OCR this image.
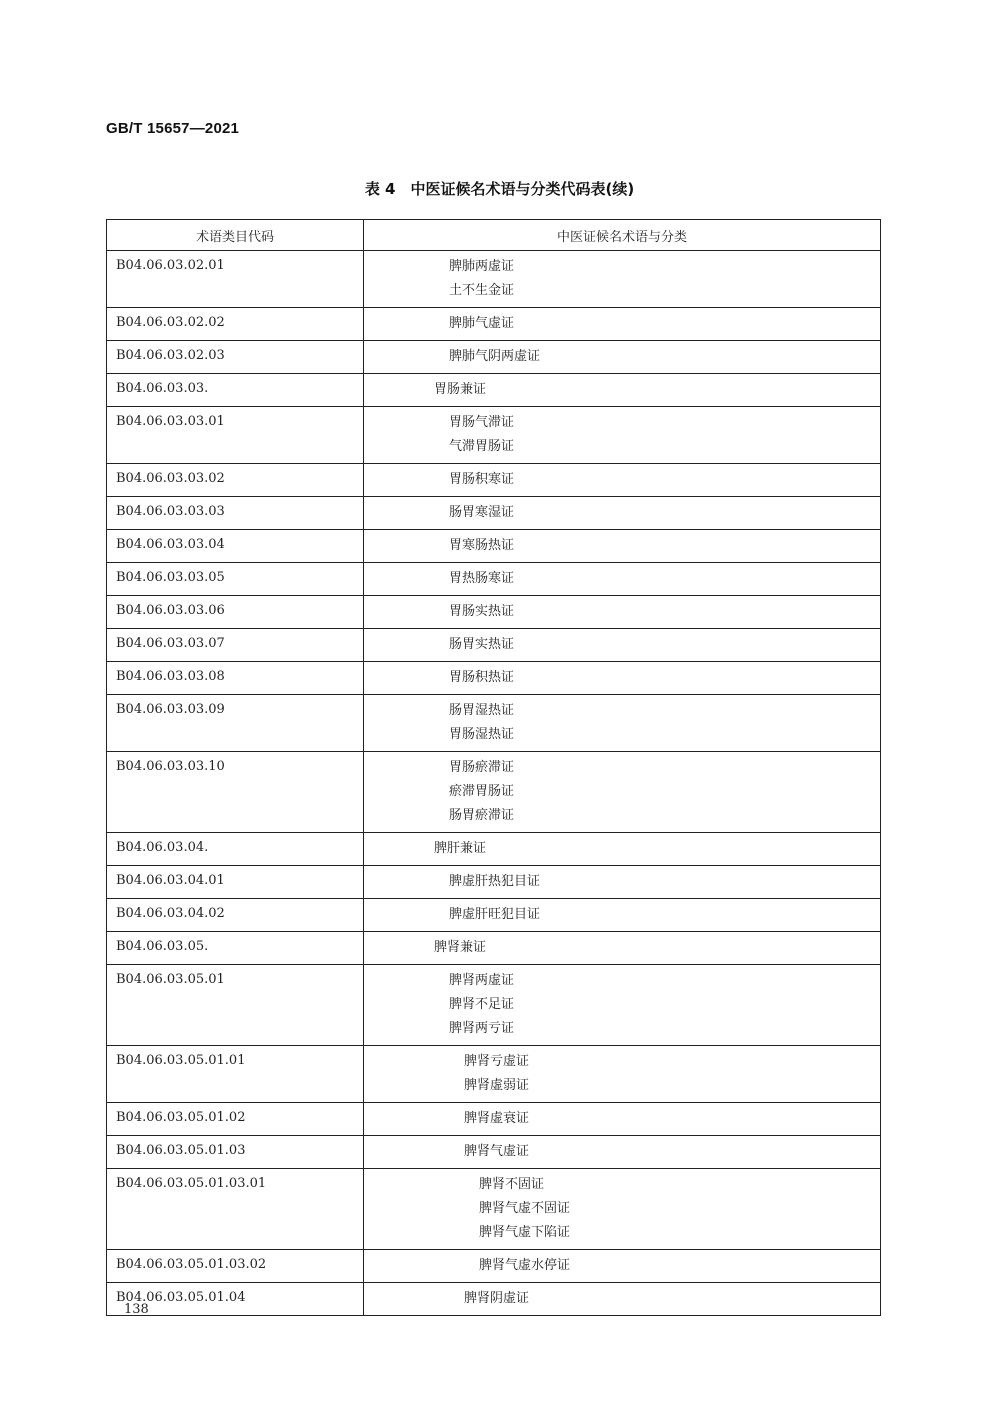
GB/T 15657—2021
表 4　中医证候名术语与分类代码表(续)
术语类目代码	中医证候名术语与分类
B04.06.03.02.01	脾肺两虚证
土不生金证

B04.06.03.02.02	脾肺气虚证

B04.06.03.02.03	脾肺气阴两虚证

B04.06.03.03.	胃肠兼证

B04.06.03.03.01	胃肠气滞证
气滞胃肠证

B04.06.03.03.02	胃肠积寒证

B04.06.03.03.03	肠胃寒湿证

B04.06.03.03.04	胃寒肠热证

B04.06.03.03.05	胃热肠寒证

B04.06.03.03.06	胃肠实热证

B04.06.03.03.07	肠胃实热证

B04.06.03.03.08	胃肠积热证

B04.06.03.03.09	肠胃湿热证
胃肠湿热证

B04.06.03.03.10	胃肠瘀滞证
瘀滞胃肠证
肠胃瘀滞证

B04.06.03.04.	脾肝兼证

B04.06.03.04.01	脾虚肝热犯目证

B04.06.03.04.02	脾虚肝旺犯目证

B04.06.03.05.	脾肾兼证

B04.06.03.05.01	脾肾两虚证
脾肾不足证
脾肾两亏证

B04.06.03.05.01.01	脾肾亏虚证
脾肾虚弱证

B04.06.03.05.01.02	脾肾虚衰证

B04.06.03.05.01.03	脾肾气虚证

B04.06.03.05.01.03.01	脾肾不固证
脾肾气虚不固证
脾肾气虚下陷证

B04.06.03.05.01.03.02	脾肾气虚水停证

B04.06.03.05.01.04	脾肾阴虚证
138
